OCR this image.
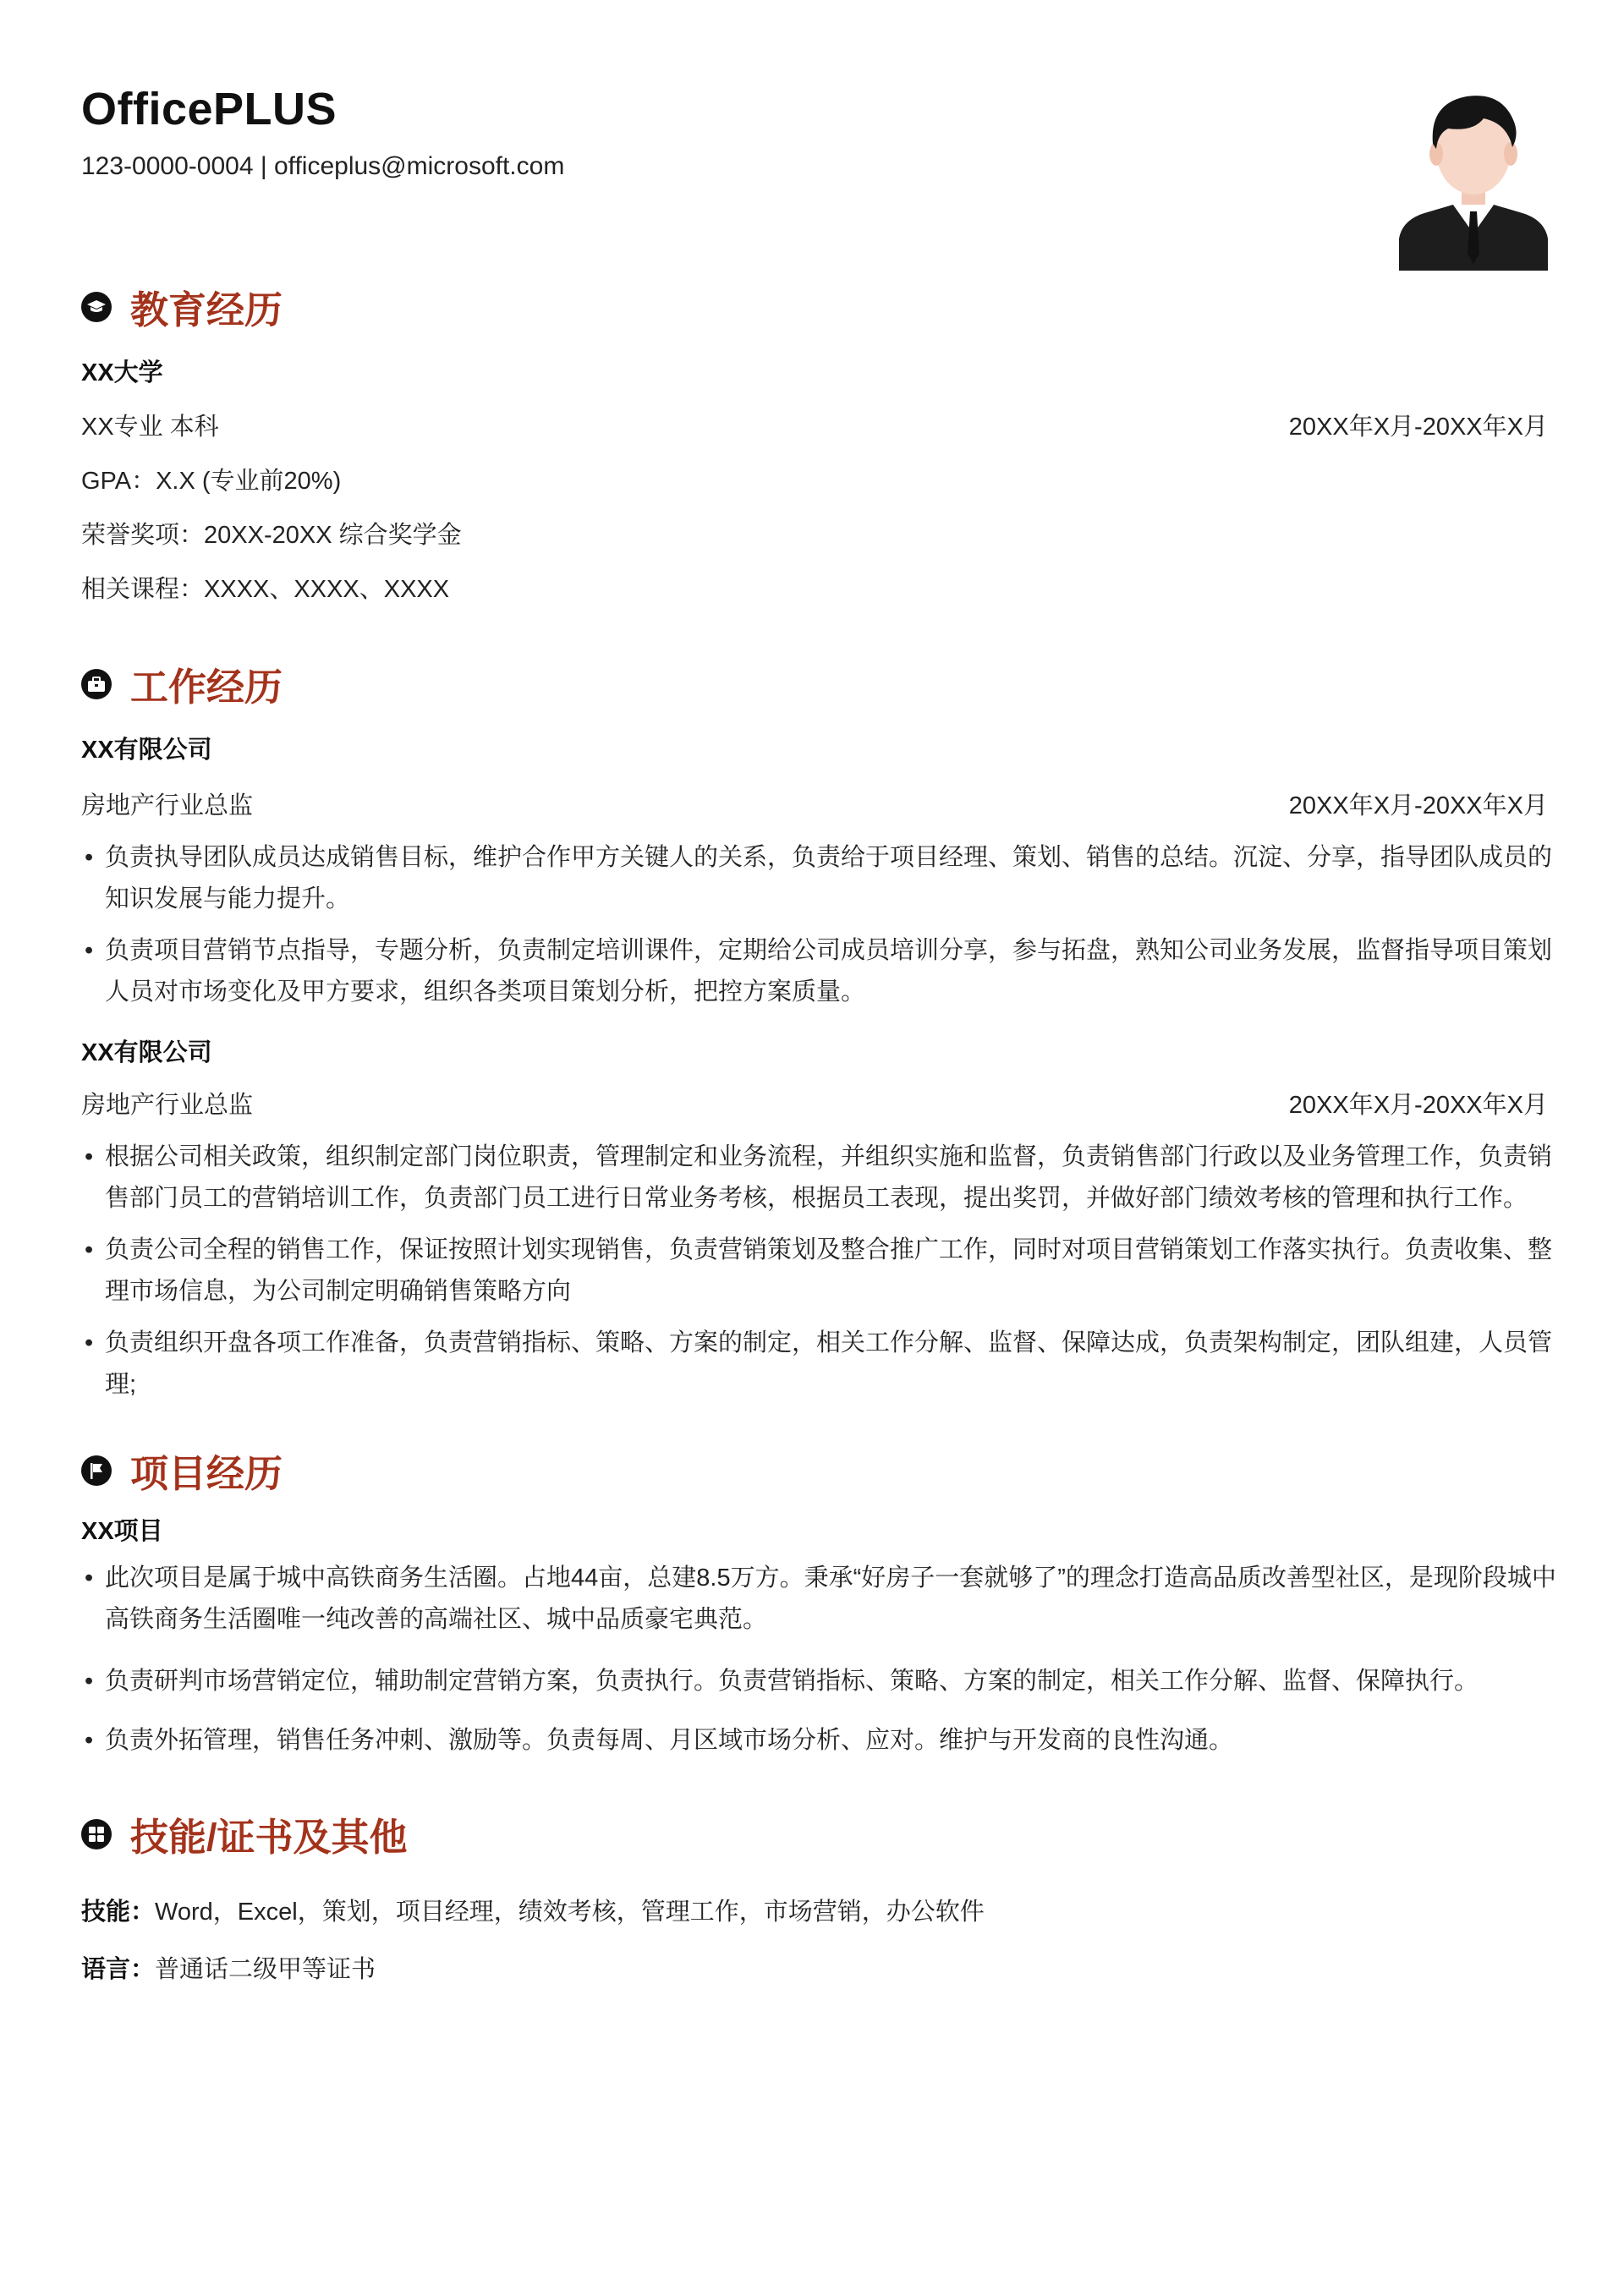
OfficePLUS
123-0000-0004 | officeplus@microsoft.com
教育经历
XX大学
XX专业 本科	20XX年X月-20XX年X月
GPA：X.X (专业前20%)
荣誉奖项：20XX-20XX 综合奖学金
相关课程：XXXX、XXXX、XXXX
工作经历
XX有限公司
房地产行业总监	20XX年X月-20XX年X月
• 负责执导团队成员达成销售目标，维护合作甲方关键人的关系，负责给于项目经理、策划、销售的总结。沉淀、分享，指导团队成员的知识发展与能力提升。
• 负责项目营销节点指导，专题分析，负责制定培训课件，定期给公司成员培训分享，参与拓盘，熟知公司业务发展，监督指导项目策划人员对市场变化及甲方要求，组织各类项目策划分析，把控方案质量。
XX有限公司
房地产行业总监	20XX年X月-20XX年X月
• 根据公司相关政策，组织制定部门岗位职责，管理制定和业务流程，并组织实施和监督，负责销售部门行政以及业务管理工作，负责销售部门员工的营销培训工作，负责部门员工进行日常业务考核，根据员工表现，提出奖罚，并做好部门绩效考核的管理和执行工作。
• 负责公司全程的销售工作，保证按照计划实现销售，负责营销策划及整合推广工作，同时对项目营销策划工作落实执行。负责收集、整理市场信息，为公司制定明确销售策略方向
• 负责组织开盘各项工作准备，负责营销指标、策略、方案的制定，相关工作分解、监督、保障达成，负责架构制定，团队组建，人员管理;
项目经历
XX项目
• 此次项目是属于城中高铁商务生活圈。占地44亩，总建8.5万方。秉承“好房子一套就够了”的理念打造高品质改善型社区，是现阶段城中高铁商务生活圈唯一纯改善的高端社区、城中品质豪宅典范。
• 负责研判市场营销定位，辅助制定营销方案，负责执行。负责营销指标、策略、方案的制定，相关工作分解、监督、保障执行。
• 负责外拓管理，销售任务冲刺、激励等。负责每周、月区域市场分析、应对。维护与开发商的良性沟通。
技能/证书及其他
技能：Word，Excel，策划，项目经理，绩效考核，管理工作，市场营销，办公软件
语言：普通话二级甲等证书
